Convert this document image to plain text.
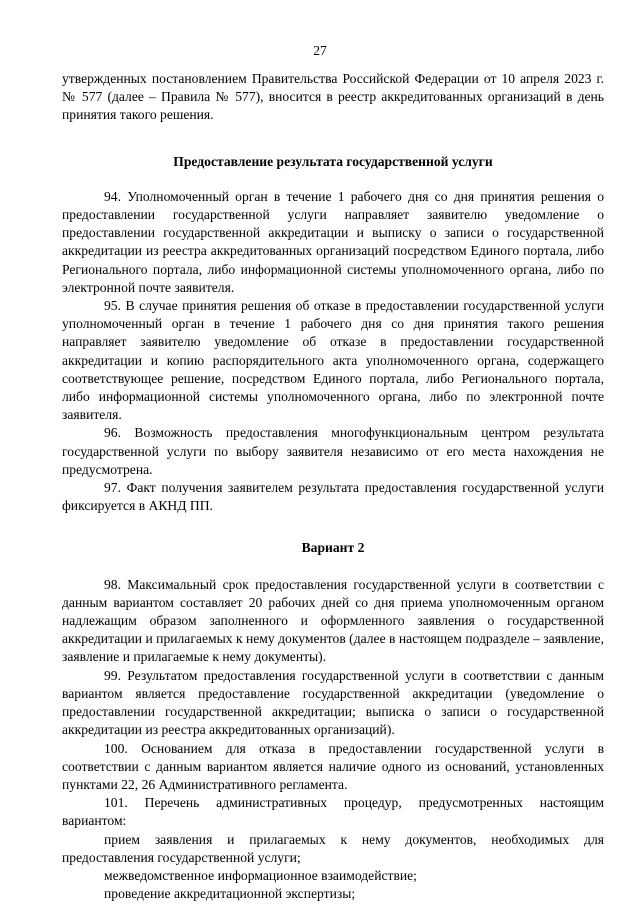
27

утвержденных постановлением Правительства Российской Федерации от 10 апреля 2023 г. № 577 (далее – Правила № 577), вносится в реестр аккредитованных организаций в день принятия такого решения.

Предоставление результата государственной услуги

94. Уполномоченный орган в течение 1 рабочего дня со дня принятия решения о предоставлении государственной услуги направляет заявителю уведомление о предоставлении государственной аккредитации и выписку о записи о государственной аккредитации из реестра аккредитованных организаций посредством Единого портала, либо Регионального портала, либо информационной системы уполномоченного органа, либо по электронной почте заявителя.

95. В случае принятия решения об отказе в предоставлении государственной услуги уполномоченный орган в течение 1 рабочего дня со дня принятия такого решения направляет заявителю уведомление об отказе в предоставлении государственной аккредитации и копию распорядительного акта уполномоченного органа, содержащего соответствующее решение, посредством Единого портала, либо Регионального портала, либо информационной системы уполномоченного органа, либо по электронной почте заявителя.

96. Возможность предоставления многофункциональным центром результата государственной услуги по выбору заявителя независимо от его места нахождения не предусмотрена.

97. Факт получения заявителем результата предоставления государственной услуги фиксируется в АКНД ПП.

Вариант 2

98. Максимальный срок предоставления государственной услуги в соответствии с данным вариантом составляет 20 рабочих дней со дня приема уполномоченным органом надлежащим образом заполненного и оформленного заявления о государственной аккредитации и прилагаемых к нему документов (далее в настоящем подразделе – заявление, заявление и прилагаемые к нему документы).

99. Результатом предоставления государственной услуги в соответствии с данным вариантом является предоставление государственной аккредитации (уведомление о предоставлении государственной аккредитации; выписка о записи о государственной аккредитации из реестра аккредитованных организаций).

100. Основанием для отказа в предоставлении государственной услуги в соответствии с данным вариантом является наличие одного из оснований, установленных пунктами 22, 26 Административного регламента.

101. Перечень административных процедур, предусмотренных настоящим вариантом:

прием заявления и прилагаемых к нему документов, необходимых для предоставления государственной услуги;

межведомственное информационное взаимодействие;

проведение аккредитационной экспертизы;
